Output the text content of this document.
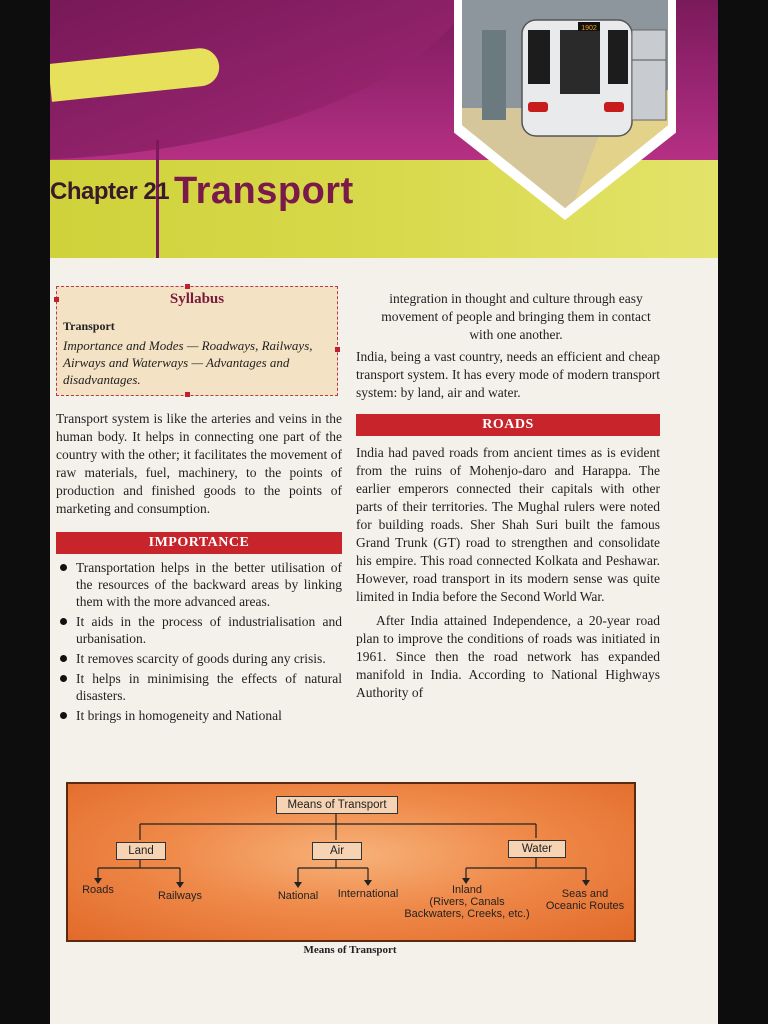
Chapter 21 Transport
1902
Syllabus
Transport
Importance and Modes — Roadways, Railways, Airways and Waterways — Advantages and disadvantages.

Transport system is like the arteries and veins in the human body. It helps in connecting one part of the country with the other; it facilitates the movement of raw materials, fuel, machinery, to the points of production and finished goods to the points of marketing and consumption.

IMPORTANCE
Transportation helps in the better utilisation of the resources of the backward areas by linking them with the more advanced areas.
It aids in the process of industrialisation and urbanisation.
It removes scarcity of goods during any crisis.
It helps in minimising the effects of natural disasters.
It brings in homogeneity and National

integration in thought and culture through easy movement of people and bringing them in contact with one another.

India, being a vast country, needs an efficient and cheap transport system. It has every mode of modern transport system: by land, air and water.

ROADS

India had paved roads from ancient times as is evident from the ruins of Mohenjo-daro and Harappa. The earlier emperors connected their capitals with other parts of their territories. The Mughal rulers were noted for building roads. Sher Shah Suri built the famous Grand Trunk (GT) road to strengthen and consolidate his empire. This road connected Kolkata and Peshawar. However, road transport in its modern sense was quite limited in India before the Second World War.

After India attained Independence, a 20-year road plan to improve the conditions of roads was initiated in 1961. Since then the road network has expanded manifold in India. According to National Highways Authority of

Means of Transport
Land	Air	Water
Roads	Railways	National	International	Inland
(Rivers, Canals
Backwaters, Creeks, etc.)
Seas and
Oceanic Routes
Means of Transport
